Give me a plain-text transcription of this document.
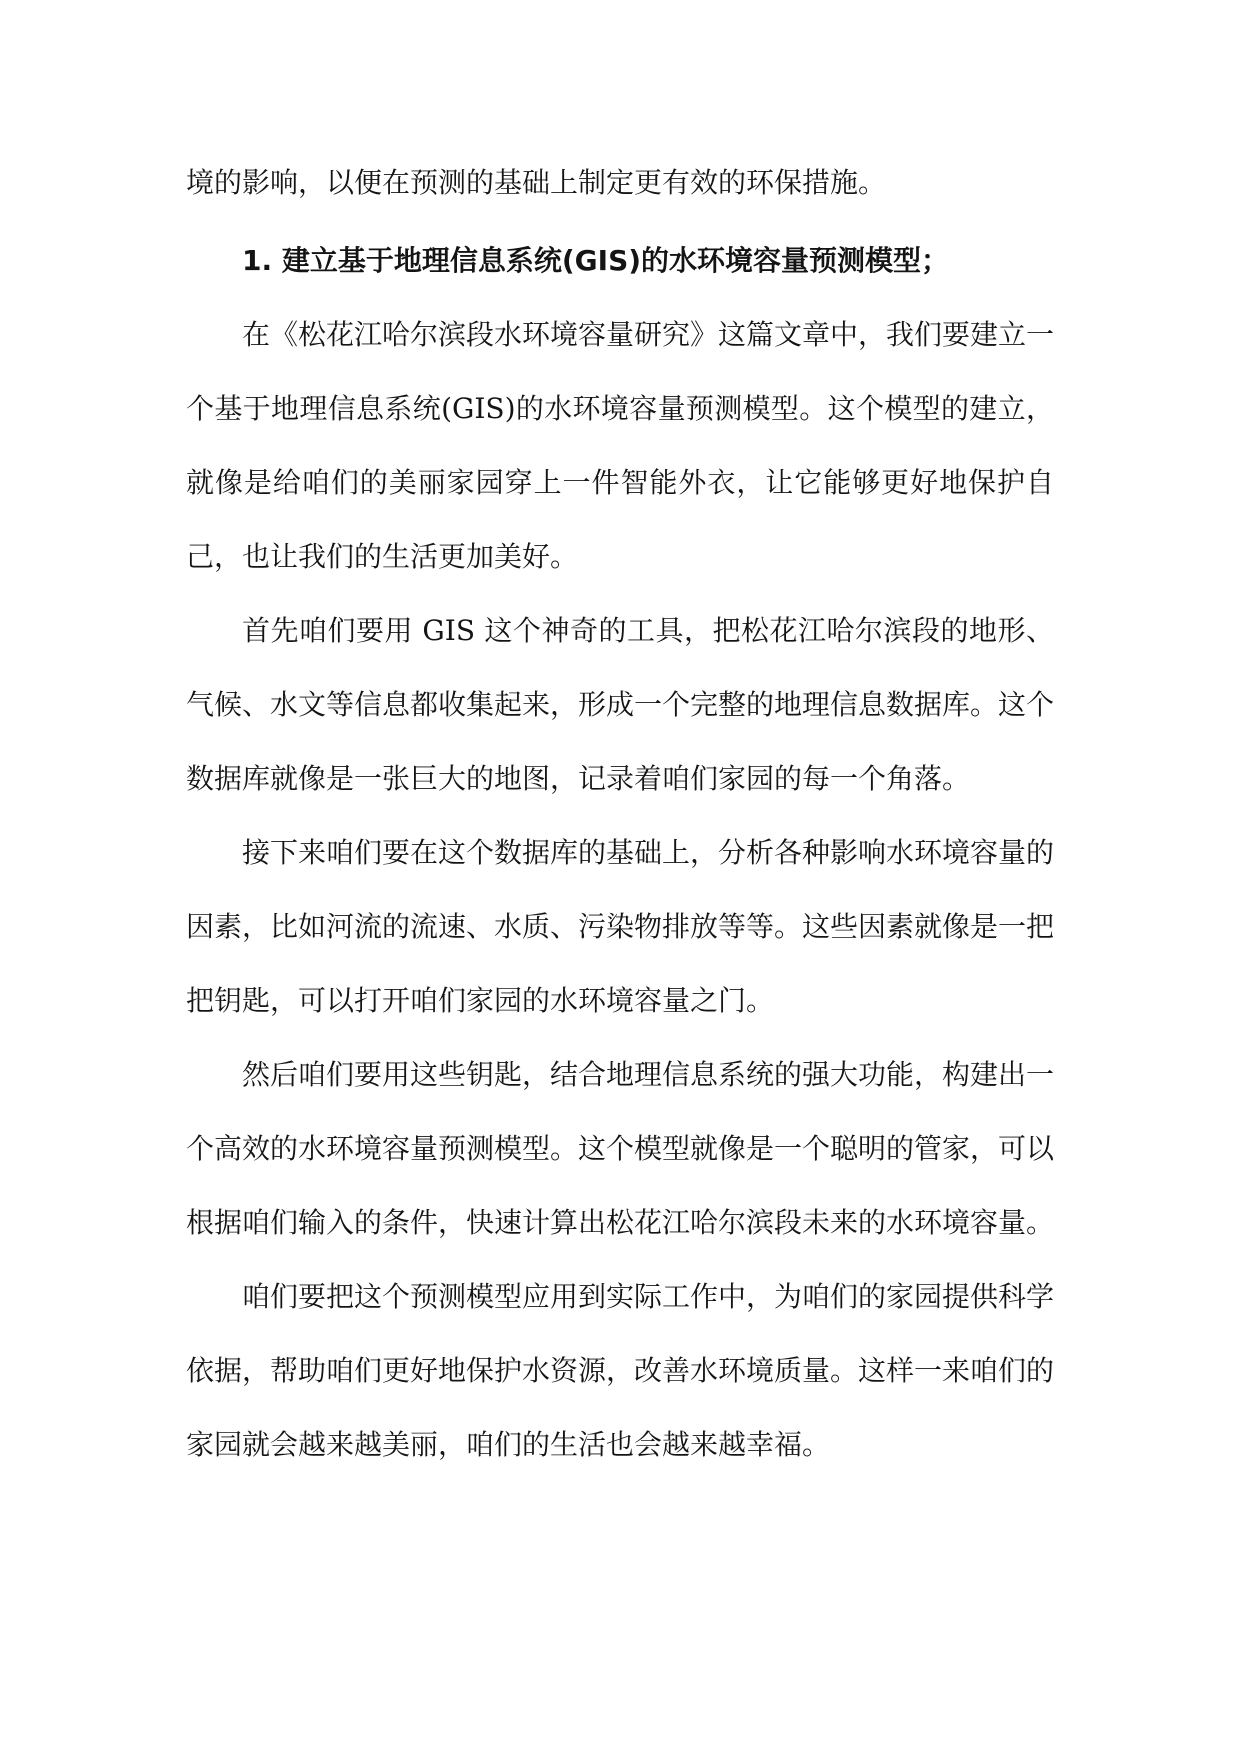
境的影响，以便在预测的基础上制定更有效的环保措施。

1. 建立基于地理信息系统(GIS)的水环境容量预测模型；

在《松花江哈尔滨段水环境容量研究》这篇文章中，我们要建立一个基于地理信息系统(GIS)的水环境容量预测模型。这个模型的建立，就像是给咱们的美丽家园穿上一件智能外衣，让它能够更好地保护自己，也让我们的生活更加美好。

首先咱们要用 GIS 这个神奇的工具，把松花江哈尔滨段的地形、气候、水文等信息都收集起来，形成一个完整的地理信息数据库。这个数据库就像是一张巨大的地图，记录着咱们家园的每一个角落。

接下来咱们要在这个数据库的基础上，分析各种影响水环境容量的因素，比如河流的流速、水质、污染物排放等等。这些因素就像是一把把钥匙，可以打开咱们家园的水环境容量之门。

然后咱们要用这些钥匙，结合地理信息系统的强大功能，构建出一个高效的水环境容量预测模型。这个模型就像是一个聪明的管家，可以根据咱们输入的条件，快速计算出松花江哈尔滨段未来的水环境容量。

咱们要把这个预测模型应用到实际工作中，为咱们的家园提供科学依据，帮助咱们更好地保护水资源，改善水环境质量。这样一来咱们的家园就会越来越美丽，咱们的生活也会越来越幸福。
